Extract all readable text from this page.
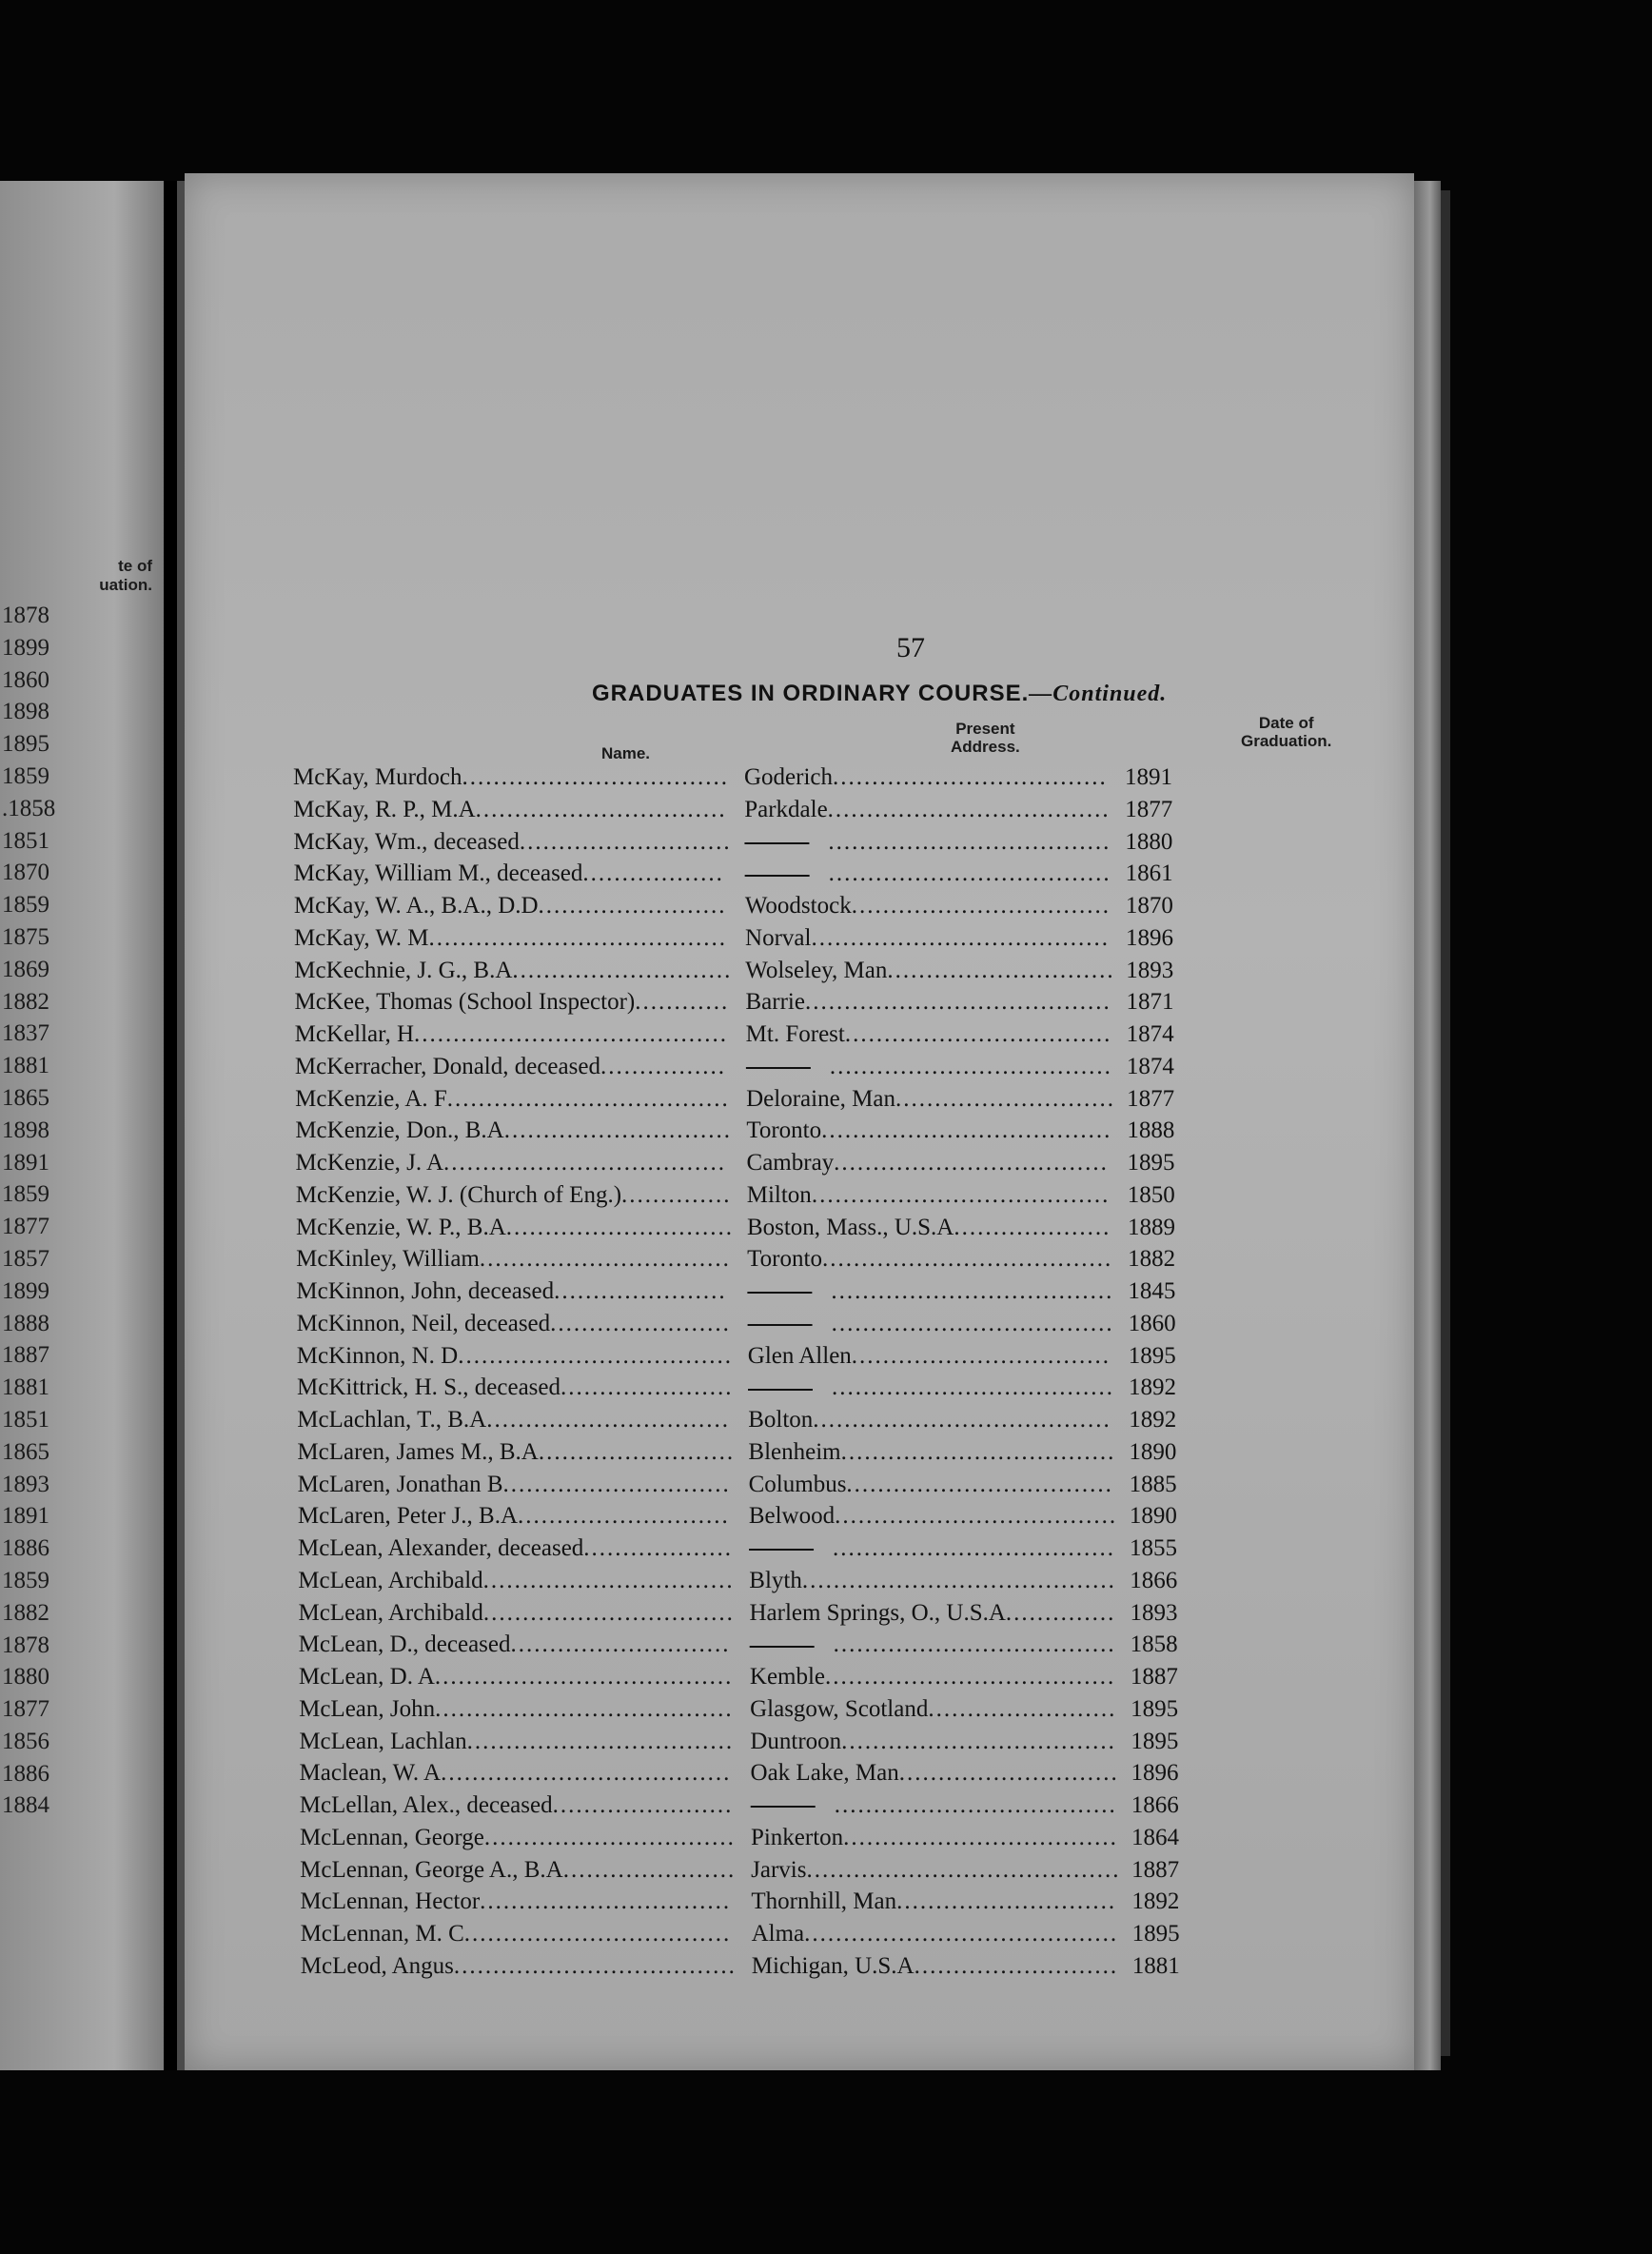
te of
uation.
1878
1899
1860
1898
1895
1859
.1858
1851
1870
1859
1875
1869
1882
1837
1881
1865
1898
1891
1859
1877
1857
1899
1888
1887
1881
1851
1865
1893
1891
1886
1859
1882
1878
1880
1877
1856
1886
1884
57
GRADUATES IN ORDINARY COURSE.—Continued.
Name.
Present
Address.
Date of
Graduation.
McKay, Murdoch.................................. Goderich................................... 1891
McKay, R. P., M.A................................ Parkdale.................................... 1877
McKay, Wm., deceased...........................	.................................... 1880
McKay, William M., deceased..................	.................................... 1861
McKay, W. A., B.A., D.D........................ Woodstock................................. 1870
McKay, W. M...................................... Norval...................................... 1896
McKechnie, J. G., B.A............................ Wolseley, Man............................. 1893
McKee, Thomas (School Inspector)............ Barrie....................................... 1871
McKellar, H........................................ Mt. Forest.................................. 1874
McKerracher, Donald, deceased................	.................................... 1874
McKenzie, A. F.................................... Deloraine, Man............................ 1877
McKenzie, Don., B.A............................. Toronto..................................... 1888
McKenzie, J. A.................................... Cambray................................... 1895
McKenzie, W. J. (Church of Eng.).............. Milton...................................... 1850
McKenzie, W. P., B.A............................. Boston, Mass., U.S.A.................... 1889
McKinley, William................................ Toronto..................................... 1882
McKinnon, John, deceased......................	.................................... 1845
McKinnon, Neil, deceased.......................	.................................... 1860
McKinnon, N. D................................... Glen Allen................................. 1895
McKittrick, H. S., deceased......................	.................................... 1892
McLachlan, T., B.A............................... Bolton...................................... 1892
McLaren, James M., B.A......................... Blenheim................................... 1890
McLaren, Jonathan B............................. Columbus.................................. 1885
McLaren, Peter J., B.A........................... Belwood.................................... 1890
McLean, Alexander, deceased...................	.................................... 1855
McLean, Archibald................................ Blyth........................................ 1866
McLean, Archibald................................ Harlem Springs, O., U.S.A.............. 1893
McLean, D., deceased............................	.................................... 1858
McLean, D. A...................................... Kemble..................................... 1887
McLean, John...................................... Glasgow, Scotland........................ 1895
McLean, Lachlan.................................. Duntroon................................... 1895
Maclean, W. A..................................... Oak Lake, Man............................ 1896
McLellan, Alex., deceased.......................	.................................... 1866
McLennan, George................................ Pinkerton................................... 1864
McLennan, George A., B.A...................... Jarvis........................................ 1887
McLennan, Hector................................ Thornhill, Man............................ 1892
McLennan, M. C.................................. Alma........................................ 1895
McLeod, Angus.................................... Michigan, U.S.A.......................... 1881
